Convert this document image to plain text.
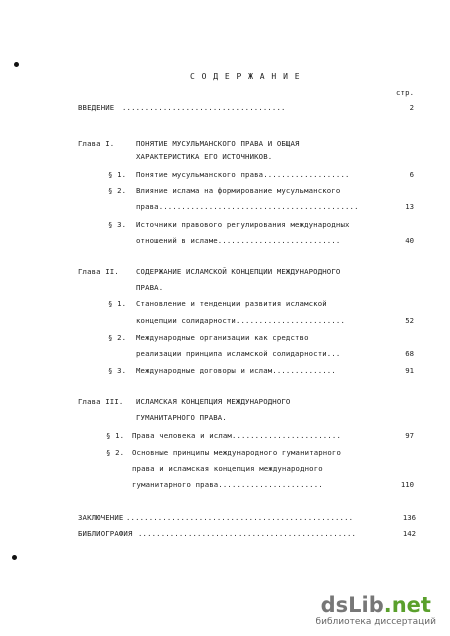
С О Д Е Р Ж А Н И Е
стр.
ВВЕДЕНИЕ ....................................	2
Глава I.	ПОНЯТИЕ МУСУЛЬМАНСКОГО ПРАВА И ОБЩАЯ
ХАРАКТЕРИСТИКА ЕГО ИСТОЧНИКОВ.
§ 1. Понятие мусульманского права...................	6
§ 2. Влияние ислама на формирование мусульманского
права............................................	13
§ 3. Источники правового регулирования международных
отношений в исламе...........................	40
Глава II. СОДЕРЖАНИЕ ИСЛАМСКОЙ КОНЦЕПЦИИ МЕЖДУНАРОДНОГО
ПРАВА.
§ 1. Становление и тенденции развития исламской
концепции солидарности........................	52
§ 2. Международные организации как средство
реализации принципа исламской солидарности...	68
§ 3. Международные договоры и ислам..............	91
Глава III. ИСЛАМСКАЯ КОНЦЕПЦИЯ МЕЖДУНАРОДНОГО
ГУМАНИТАРНОГО ПРАВА.
§ 1. Права человека и ислам........................	97
§ 2. Основные принципы международного гуманитарного
права и исламская концепция международного
гуманитарного права.......................	110
ЗАКЛЮЧЕНИЕ ..................................................	136
БИБЛИОГРАФИЯ ................................................	142
dsLib.net
библиотека диссертаций
